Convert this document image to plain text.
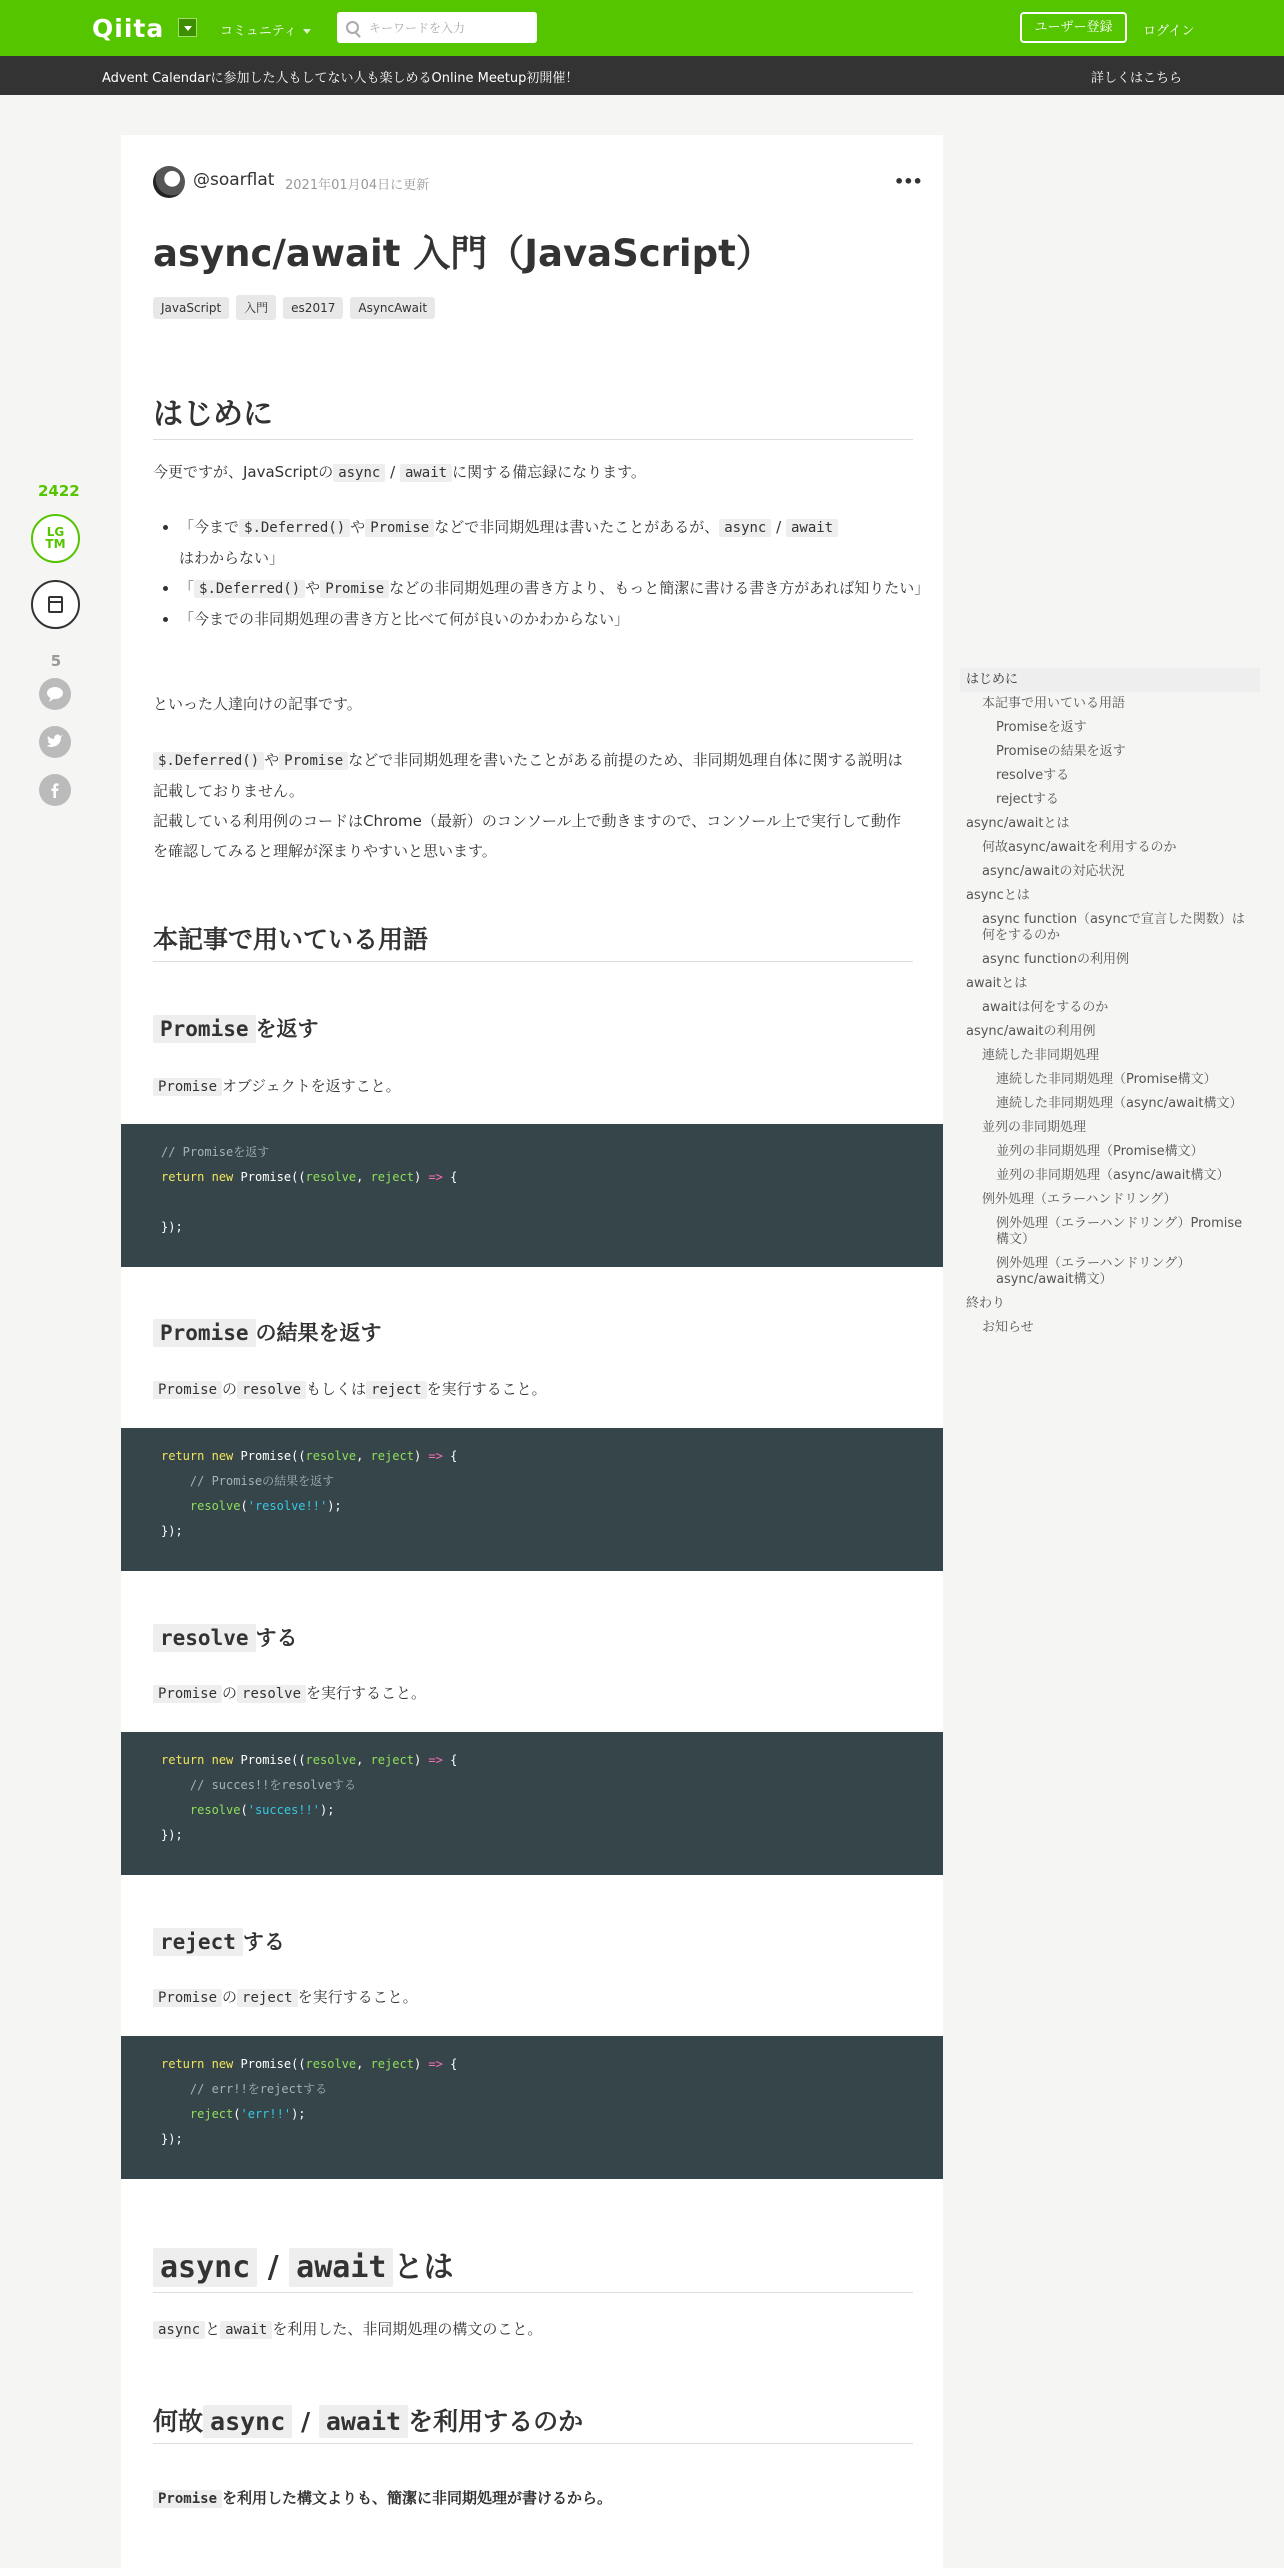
Qiita	コミュニティ
キーワードを入力	ユーザー登録	ログイン
Advent Calendarに参加した人もしてない人も楽しめるOnline Meetup初開催！	詳しくはこちら
2422
LG
TM
5
@soarflat 2021年01月04日に更新	•••
async/await 入門（JavaScript）
JavaScript 入門 es2017 AsyncAwait
はじめに

今更ですが、JavaScriptの async / await に関する備忘録になります。

• 「今まで $.Deferred() や Promise などで非同期処理は書いたことがあるが、 async / await
はわからない」
• 「 $.Deferred() や Promise などの非同期処理の書き方より、もっと簡潔に書ける書き方があれば知りたい」
• 「今までの非同期処理の書き方と比べて何が良いのかわからない」

といった人達向けの記事です。

$.Deferred() や Promise などで非同期処理を書いたことがある前提のため、非同期処理自体に関する説明は記載しておりません。
記載している利用例のコードはChrome（最新）のコンソール上で動きますので、コンソール上で実行して動作を確認してみると理解が深まりやすいと思います。

本記事で用いている用語
Promise を返す

Promise オブジェクトを返すこと。

// Promiseを返す
return new Promise((resolve, reject) => {

});
Promise の結果を返す

Promise の resolve もしくは reject を実行すること。

return new Promise((resolve, reject) => {
// Promiseの結果を返す
resolve('resolve!!');
});
resolve する

Promise の resolve を実行すること。

return new Promise((resolve, reject) => {
// succes!!をresolveする
resolve('succes!!');
});
reject する

Promise の reject を実行すること。

return new Promise((resolve, reject) => {
// err!!をrejectする
reject('err!!');
});
async / await とは

async と await を利用した、非同期処理の構文のこと。

何故 async / await を利用するのか

Promise を利用した構文よりも、簡潔に非同期処理が書けるから。

はじめに
本記事で用いている用語
Promiseを返す
Promiseの結果を返す
resolveする
rejectする
async/awaitとは
何故async/awaitを利用するのか
async/awaitの対応状況
asyncとは
async function（asyncで宣言した関数）は何をするのか
async functionの利用例
awaitとは
awaitは何をするのか
async/awaitの利用例
連続した非同期処理
連続した非同期処理（Promise構文）
連続した非同期処理（async/await構文）
並列の非同期処理
並列の非同期処理（Promise構文）
並列の非同期処理（async/await構文）
例外処理（エラーハンドリング）
例外処理（エラーハンドリング）Promise構文）
例外処理（エラーハンドリング）async/await構文）
終わり
お知らせ
